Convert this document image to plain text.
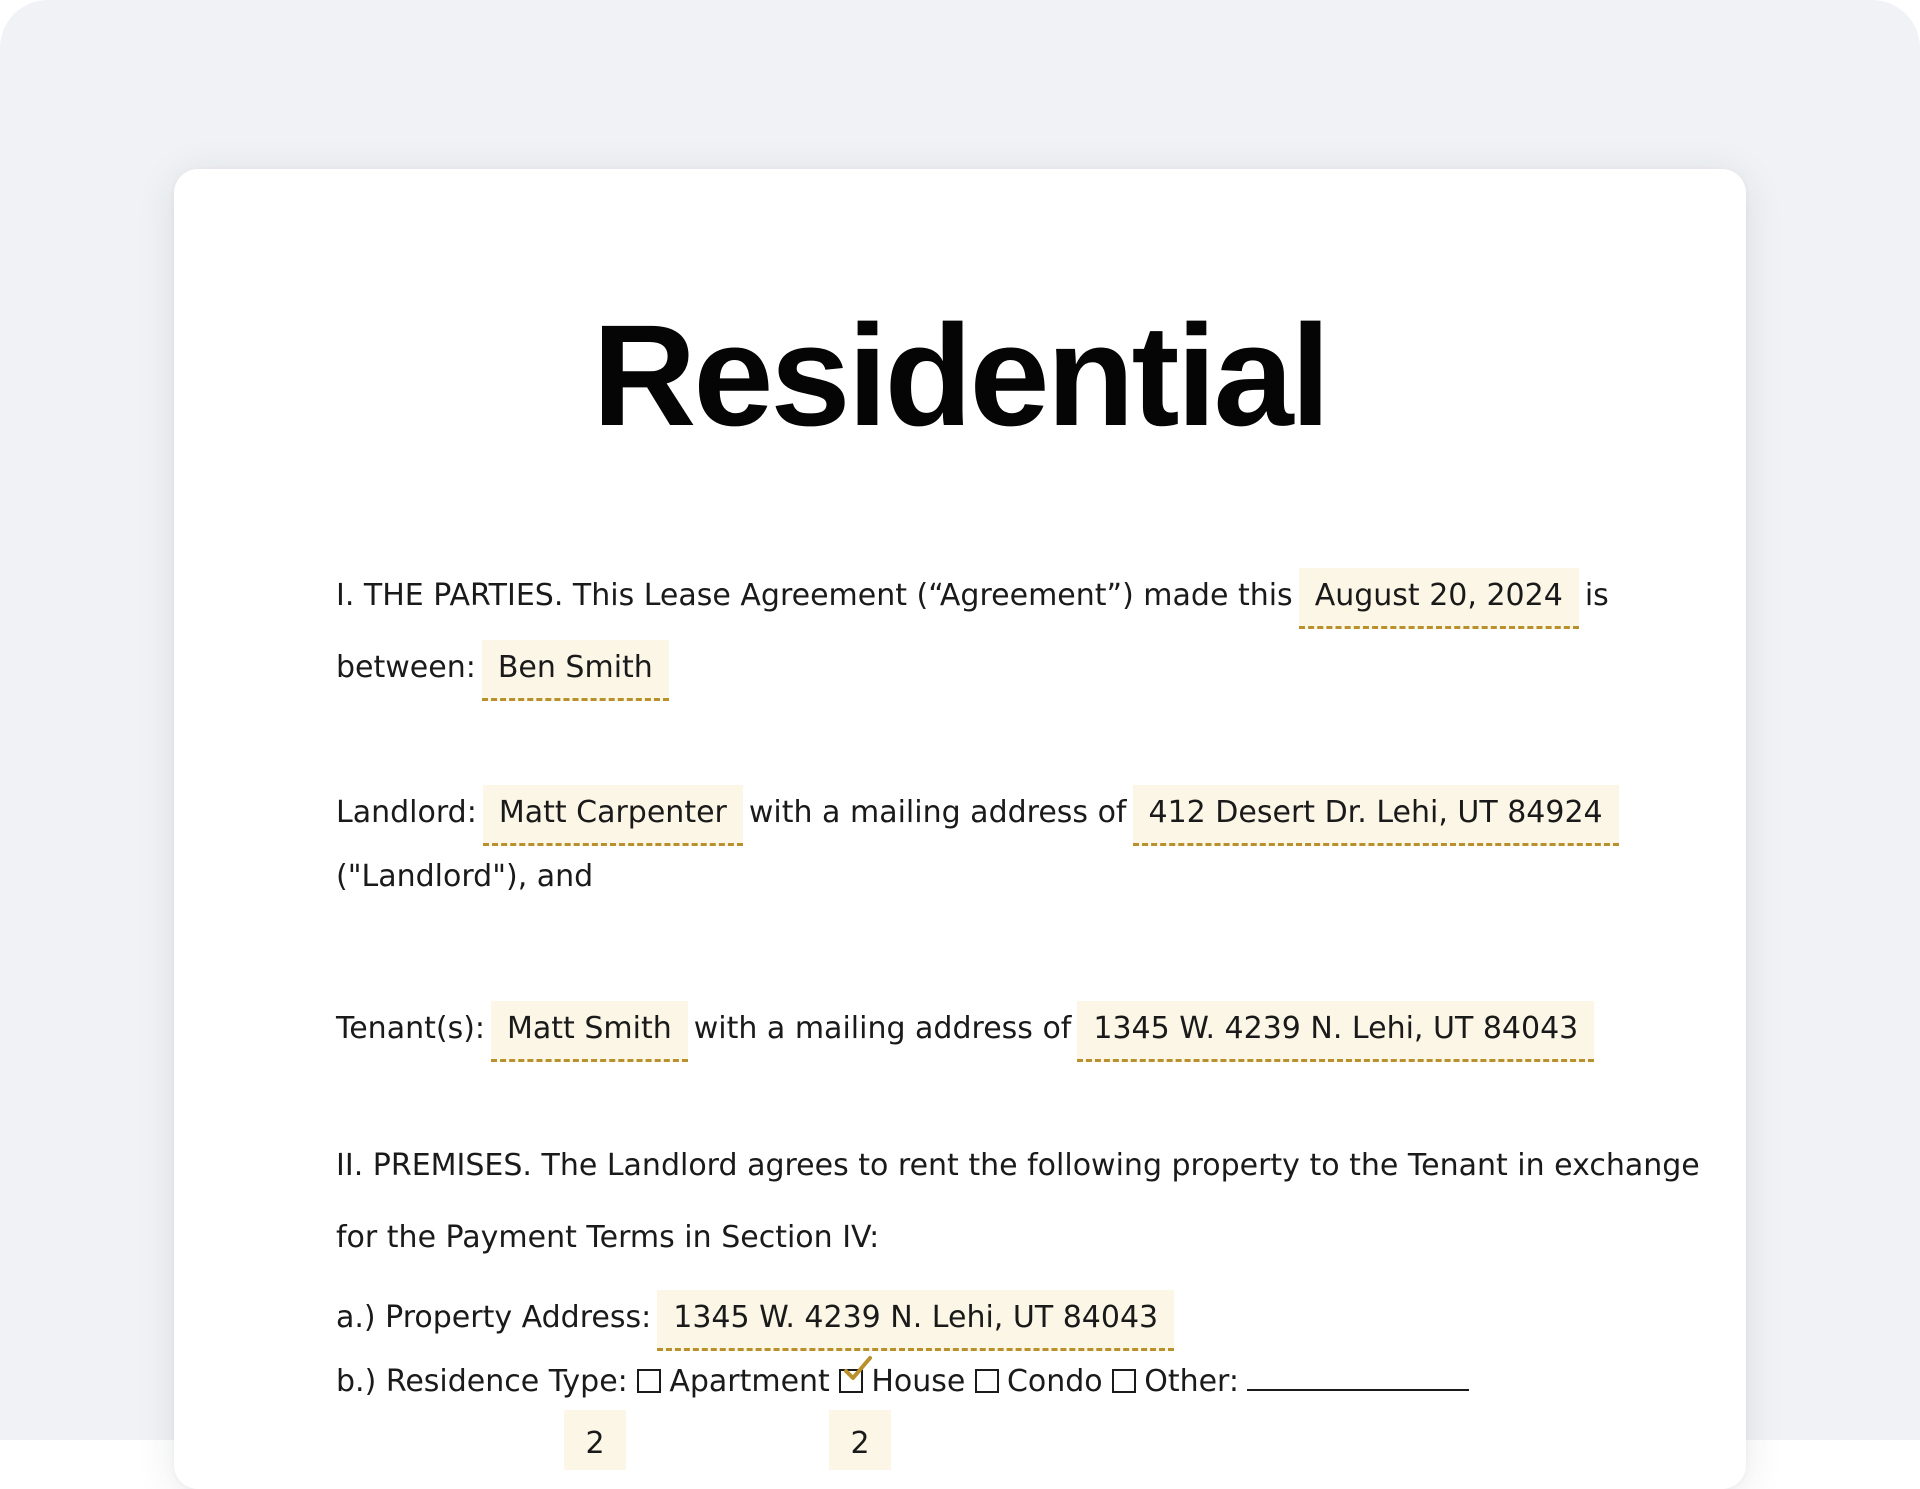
Residential
I. THE PARTIES. This Lease Agreement (“Agreement”) made this August 20, 2024 is
between: Ben Smith
Landlord: Matt Carpenter with a mailing address of 412 Desert Dr. Lehi, UT 84924
("Landlord"), and
Tenant(s): Matt Smith with a mailing address of 1345 W. 4239 N. Lehi, UT 84043
II. PREMISES. The Landlord agrees to rent the following property to the Tenant in exchange
for the Payment Terms in Section IV:
a.) Property Address: 1345 W. 4239 N. Lehi, UT 84043
b.) Residence Type: Apartment House Condo Other:
2	2
